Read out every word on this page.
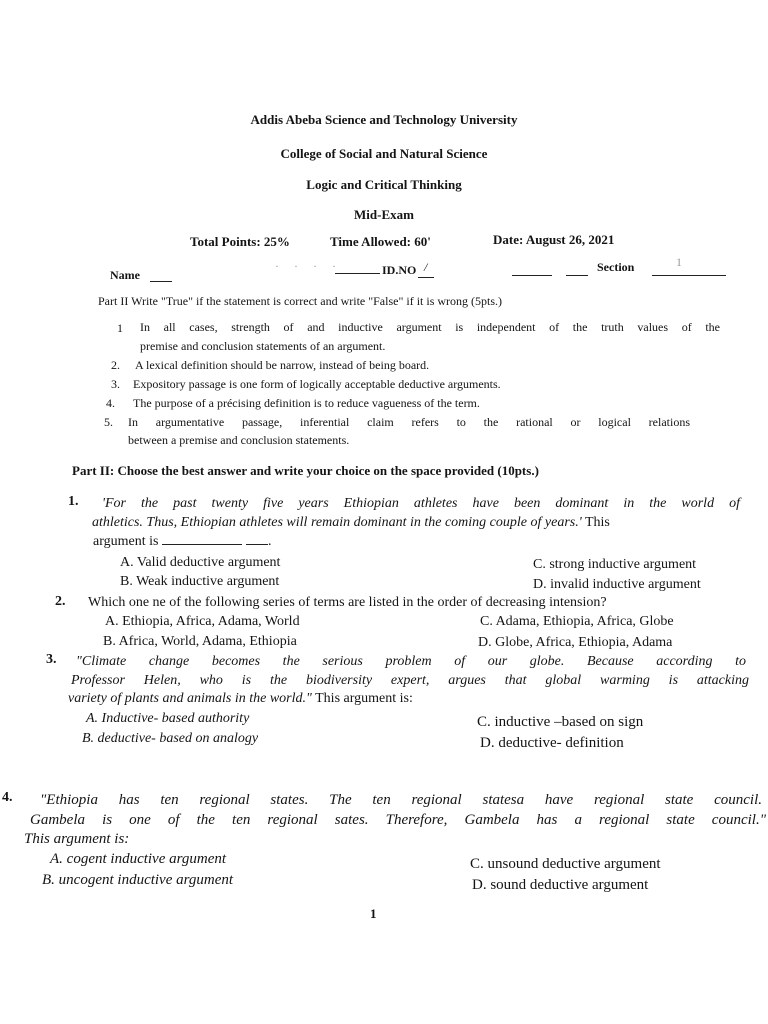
Addis Abeba Science and Technology University
College of Social and Natural Science
Logic and Critical Thinking
Mid-Exam
Total Points: 25%	Time Allowed: 60'	Date: August 26, 2021
Name
· · · ·	ID.NO /	Section	1
Part II Write "True" if the statement is correct and write "False" if it is wrong (5pts.)
1 In all cases, strength of and inductive argument is independent of the truth values of the
premise and conclusion statements of an argument.
2. A lexical definition should be narrow, instead of being board.
3. Expository passage is one form of logically acceptable deductive arguments.
4. The purpose of a précising definition is to reduce vagueness of the term.
5. In argumentative passage, inferential claim refers to the rational or logical relations
between a premise and conclusion statements.
Part II: Choose the best answer and write your choice on the space provided (10pts.)
1. 'For the past twenty five years Ethiopian athletes have been dominant in the world of
athletics. Thus, Ethiopian athletes will remain dominant in the coming couple of years.' This
argument is	.
A. Valid deductive argument
B. Weak inductive argument
C. strong inductive argument
D. invalid inductive argument
2. Which one ne of the following series of terms are listed in the order of decreasing intension?
A. Ethiopia, Africa, Adama, World
B. Africa, World, Adama, Ethiopia
C. Adama, Ethiopia, Africa, Globe
D. Globe, Africa, Ethiopia, Adama
3. "Climate change becomes the serious problem of our globe. Because according to
Professor Helen, who is the biodiversity expert, argues that global warming is attacking
variety of plants and animals in the world." This argument is:
A. Inductive- based authority
B. deductive- based on analogy
C. inductive –based on sign
D. deductive- definition
4. "Ethiopia has ten regional states. The ten regional statesa have regional state council.
Gambela is one of the ten regional sates. Therefore, Gambela has a regional state council."
This argument is:
A. cogent inductive argument
B. uncogent inductive argument
C. unsound deductive argument
D. sound deductive argument
1
